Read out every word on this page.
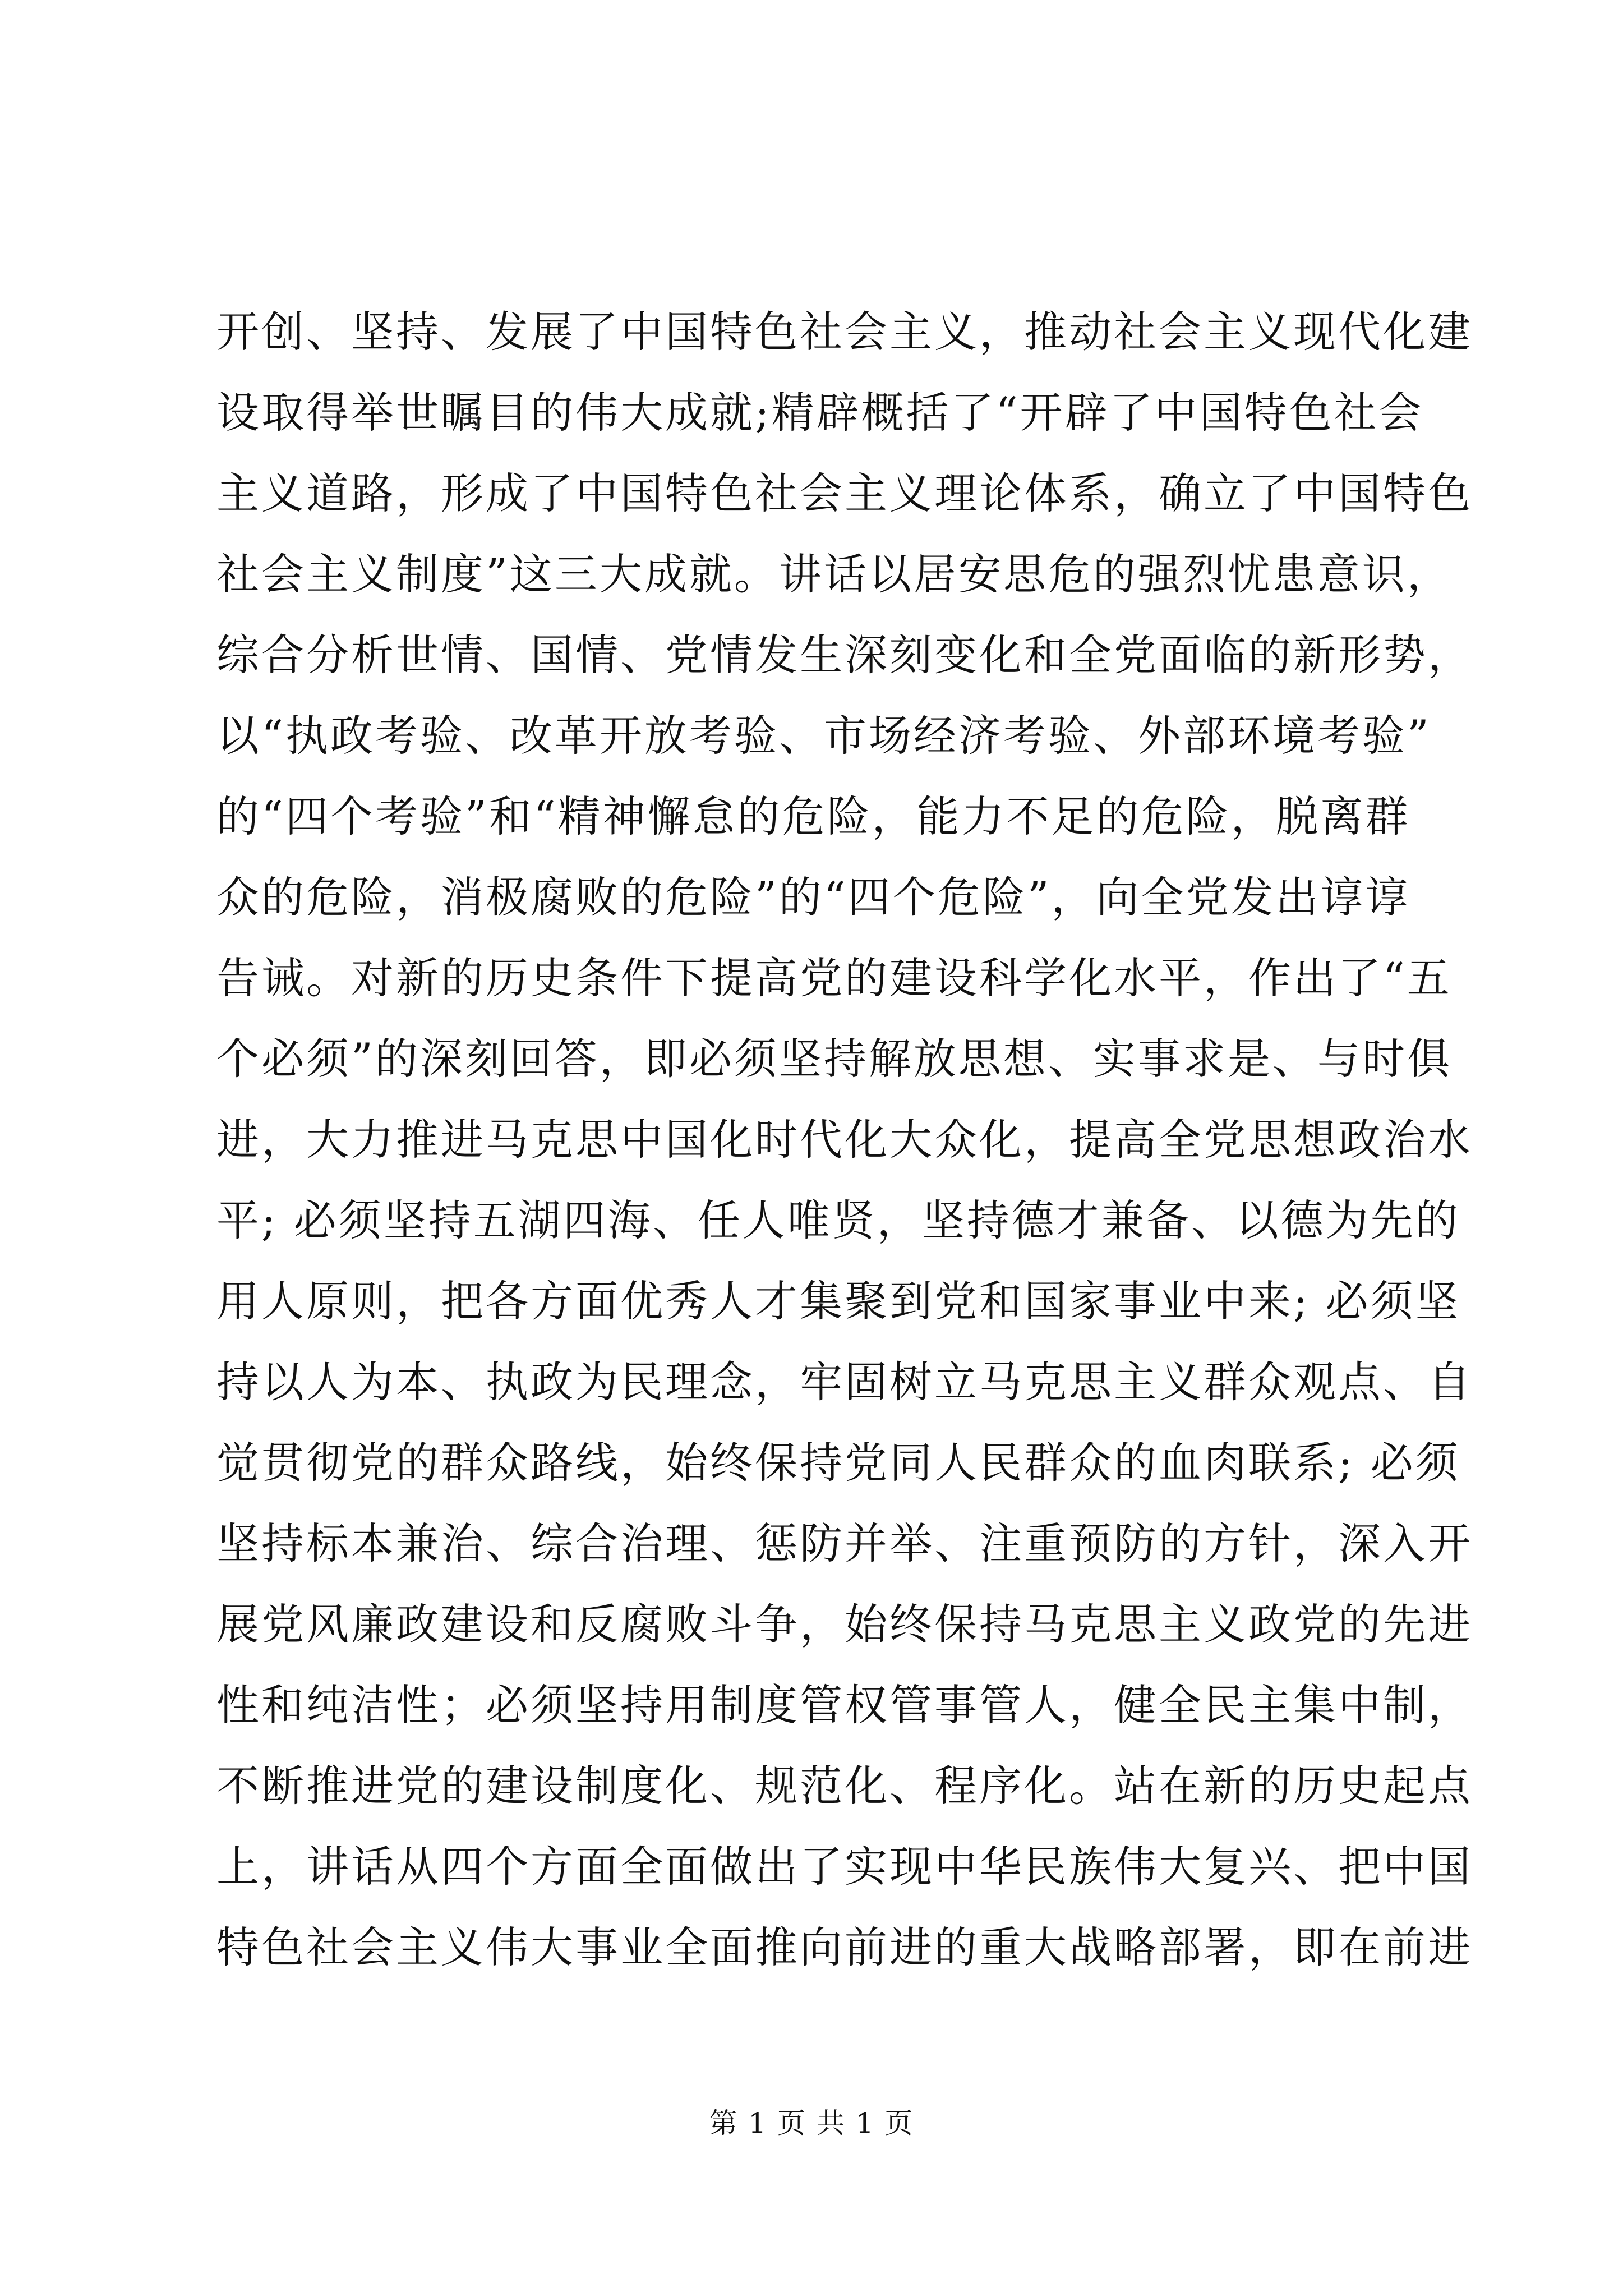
开创、坚持、发展了中国特色社会主义，推动社会主义现代化建
设取得举世瞩目的伟大成就;精辟概括了“开辟了中国特色社会
主义道路，形成了中国特色社会主义理论体系，确立了中国特色
社会主义制度”这三大成就。讲话以居安思危的强烈忧患意识，
综合分析世情、国情、党情发生深刻变化和全党面临的新形势，
以“执政考验、改革开放考验、市场经济考验、外部环境考验”
的“四个考验”和“精神懈怠的危险，能力不足的危险，脱离群
众的危险，消极腐败的危险”的“四个危险”，向全党发出谆谆
告诫。对新的历史条件下提高党的建设科学化水平，作出了“五
个必须”的深刻回答，即必须坚持解放思想、实事求是、与时俱
进，大力推进马克思中国化时代化大众化，提高全党思想政治水
平; 必须坚持五湖四海、任人唯贤，坚持德才兼备、以德为先的
用人原则，把各方面优秀人才集聚到党和国家事业中来; 必须坚
持以人为本、执政为民理念，牢固树立马克思主义群众观点、自
觉贯彻党的群众路线，始终保持党同人民群众的血肉联系; 必须
坚持标本兼治、综合治理、惩防并举、注重预防的方针，深入开
展党风廉政建设和反腐败斗争，始终保持马克思主义政党的先进
性和纯洁性；必须坚持用制度管权管事管人，健全民主集中制，
不断推进党的建设制度化、规范化、程序化。站在新的历史起点
上，讲话从四个方面全面做出了实现中华民族伟大复兴、把中国
特色社会主义伟大事业全面推向前进的重大战略部署，即在前进
第 1 页 共 1 页
